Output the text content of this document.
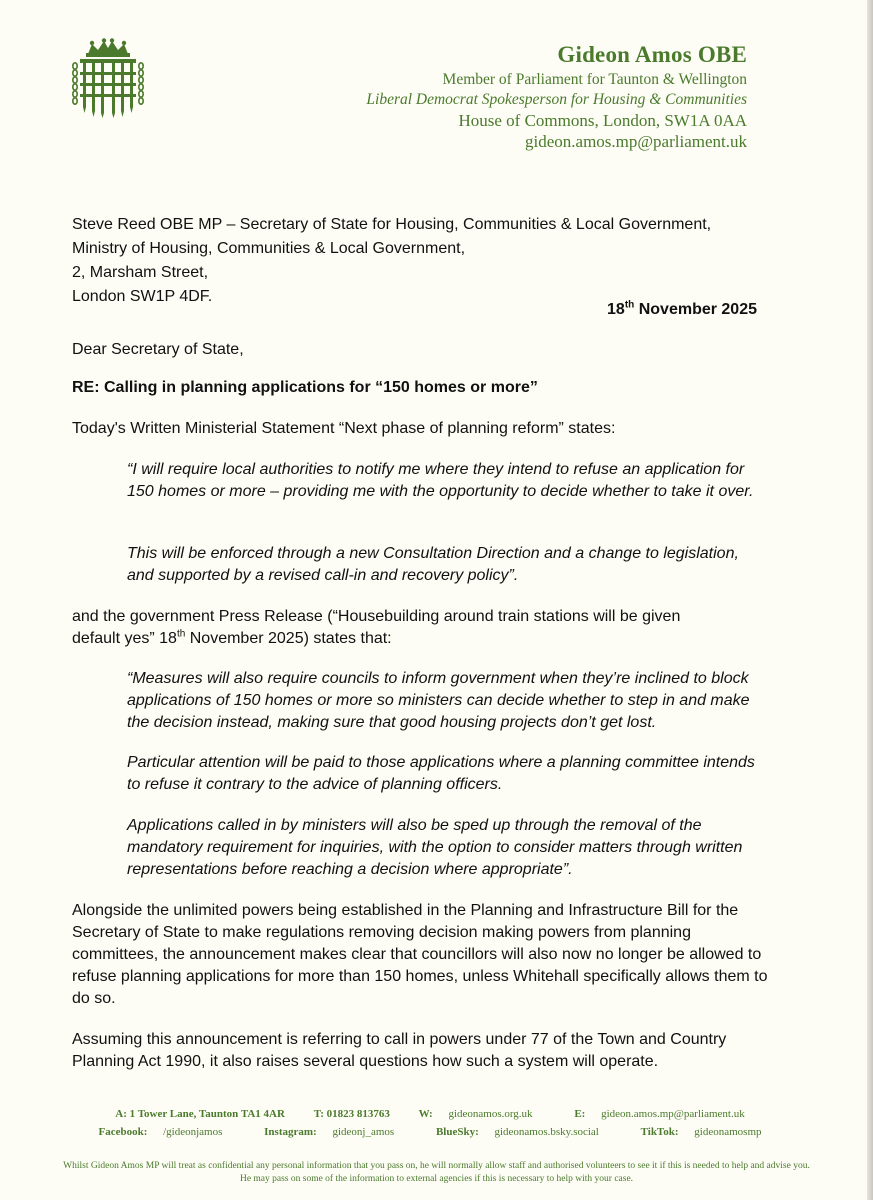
Gideon Amos OBE
Member of Parliament for Taunton & Wellington
Liberal Democrat Spokesperson for Housing & Communities
House of Commons, London, SW1A 0AA
gideon.amos.mp@parliament.uk
Steve Reed OBE MP – Secretary of State for Housing, Communities & Local Government,
Ministry of Housing, Communities & Local Government,
2, Marsham Street,
London SW1P 4DF.
18th November 2025
Dear Secretary of State,
RE: Calling in planning applications for “150 homes or more”
Today's Written Ministerial Statement “Next phase of planning reform” states:
“I will require local authorities to notify me where they intend to refuse an application for 150 homes or more – providing me with the opportunity to decide whether to take it over.
This will be enforced through a new Consultation Direction and a change to legislation, and supported by a revised call-in and recovery policy”.
and the government Press Release (“Housebuilding around train stations will be given default yes” 18th November 2025) states that:
“Measures will also require councils to inform government when they’re inclined to block applications of 150 homes or more so ministers can decide whether to step in and make the decision instead, making sure that good housing projects don’t get lost.
Particular attention will be paid to those applications where a planning committee intends to refuse it contrary to the advice of planning officers.
Applications called in by ministers will also be sped up through the removal of the mandatory requirement for inquiries, with the option to consider matters through written representations before reaching a decision where appropriate”.
Alongside the unlimited powers being established in the Planning and Infrastructure Bill for the Secretary of State to make regulations removing decision making powers from planning committees, the announcement makes clear that councillors will also now no longer be allowed to refuse planning applications for more than 150 homes, unless Whitehall specifically allows them to do so.
Assuming this announcement is referring to call in powers under 77 of the Town and Country Planning Act 1990, it also raises several questions how such a system will operate.
A: 1 Tower Lane, Taunton TA1 4AR	T: 01823 813763	W: gideonamos.org.uk	E: gideon.amos.mp@parliament.uk
Facebook: /gideonjamos	Instagram: gideonj_amos	BlueSky: gideonamos.bsky.social	TikTok: gideonamosmp
Whilst Gideon Amos MP will treat as confidential any personal information that you pass on, he will normally allow staff and authorised volunteers to see it if this is needed to help and advise you. He may pass on some of the information to external agencies if this is necessary to help with your case.
